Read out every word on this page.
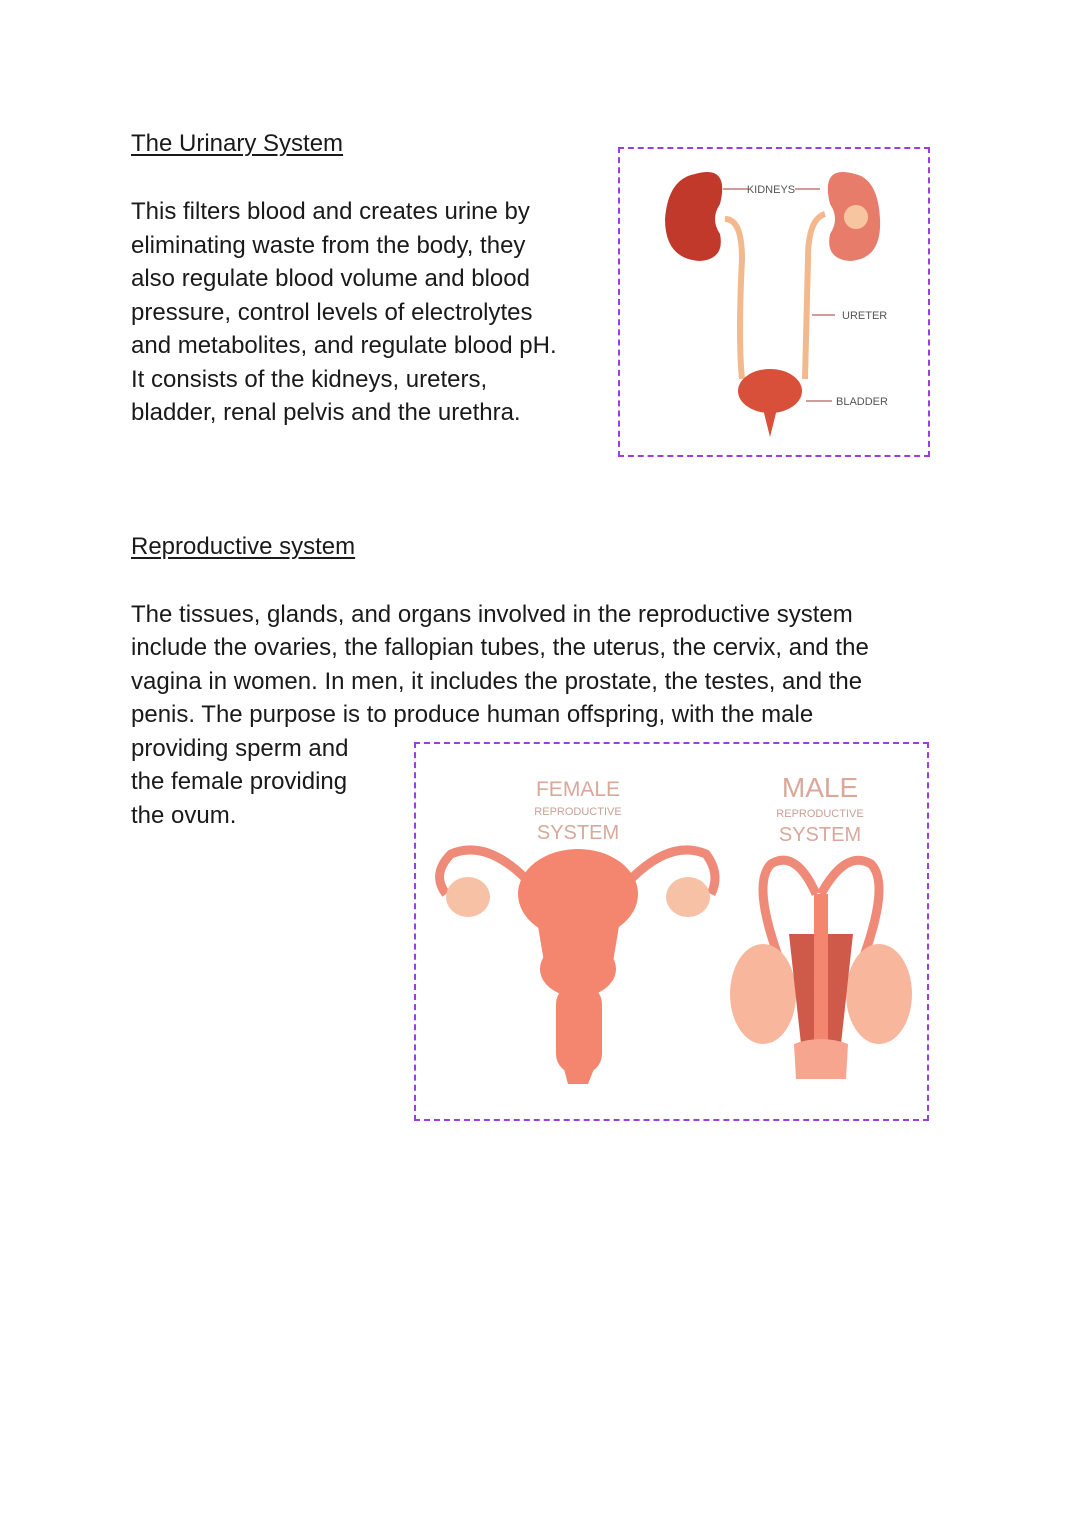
The Urinary System
This filters blood and creates urine by
eliminating waste from the body, they
also regulate blood volume and blood
pressure, control levels of electrolytes
and metabolites, and regulate blood pH.
It consists of the kidneys, ureters,
bladder, renal pelvis and the urethra.
KIDNEYS
URETER
BLADDER
Reproductive system
The tissues, glands, and organs involved in the reproductive system
include the ovaries, the fallopian tubes, the uterus, the cervix, and the
vagina in women. In men, it includes the prostate, the testes, and the
penis. The purpose is to produce human offspring, with the male
providing sperm and
the female providing
the ovum.
FEMALE
REPRODUCTIVE
SYSTEM
MALE
REPRODUCTIVE
SYSTEM
